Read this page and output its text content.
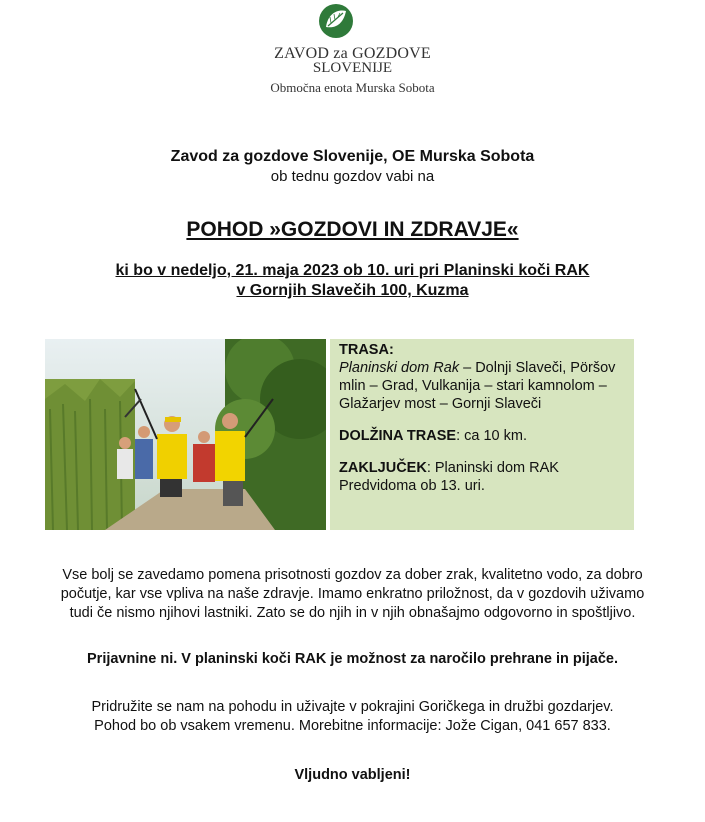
ZAVOD za GOZDOVE
SLOVENIJE
Območna enota Murska Sobota
Zavod za gozdove Slovenije, OE Murska Sobota
ob tednu gozdov vabi na
POHOD »GOZDOVI IN ZDRAVJE«
ki bo v nedeljo, 21. maja 2023 ob 10. uri pri Planinski koči RAK
v Gornjih Slavečih 100, Kuzma

TRASA:

Planinski dom Rak – Dolnji Slaveči, Pöršov mlin – Grad, Vulkanija – stari kamnolom – Glažarjev most – Gornji Slaveči

DOLŽINA TRASE: ca 10 km.

ZAKLJUČEK: Planinski dom RAK

Predvidoma ob 13. uri.

Vse bolj se zavedamo pomena prisotnosti gozdov za dober zrak, kvalitetno vodo, za dobro
počutje, kar vse vpliva na naše zdravje. Imamo enkratno priložnost, da v gozdovih uživamo
tudi če nismo njihovi lastniki. Zato se do njih in v njih obnašajmo odgovorno in spoštljivo.
Prijavnine ni. V planinski koči RAK je možnost za naročilo prehrane in pijače.
Pridružite se nam na pohodu in uživajte v pokrajini Goričkega in družbi gozdarjev.
Pohod bo ob vsakem vremenu. Morebitne informacije: Jože Cigan, 041 657 833.
Vljudno vabljeni!
